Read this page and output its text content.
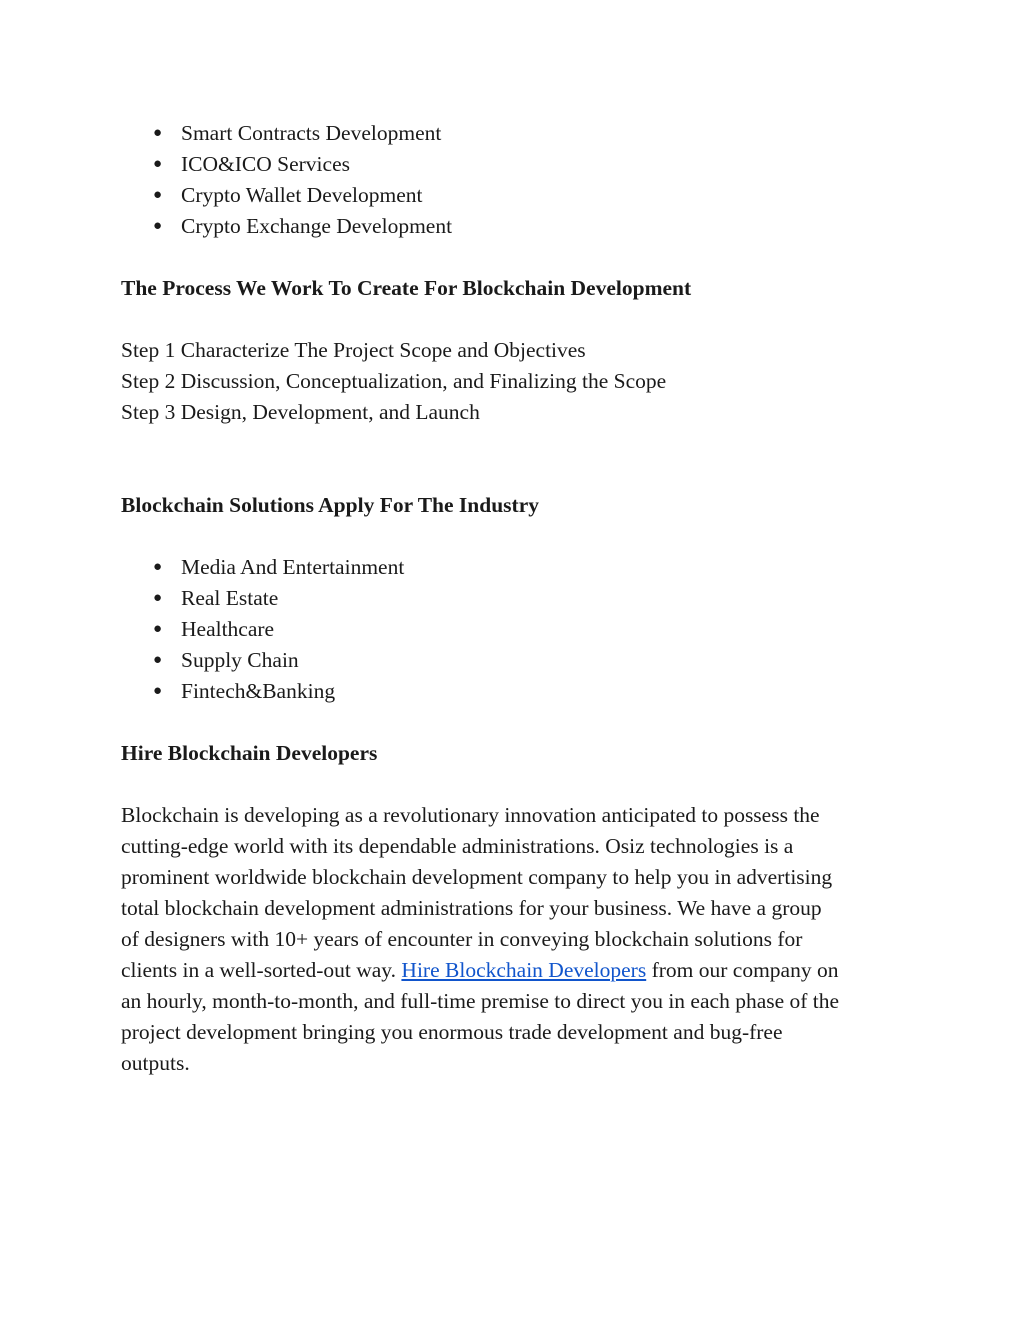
● Smart Contracts Development
● ICO&ICO Services
● Crypto Wallet Development
● Crypto Exchange Development

The Process We Work To Create For Blockchain Development

Step 1 Characterize The Project Scope and Objectives

Step 2 Discussion, Conceptualization, and Finalizing the Scope

Step 3 Design, Development, and Launch

Blockchain Solutions Apply For The Industry

● Media And Entertainment
● Real Estate
● Healthcare
● Supply Chain
● Fintech&Banking

Hire Blockchain Developers

Blockchain is developing as a revolutionary innovation anticipated to possess the
cutting-edge world with its dependable administrations. Osiz technologies is a
prominent worldwide blockchain development company to help you in advertising
total blockchain development administrations for your business. We have a group
of designers with 10+ years of encounter in conveying blockchain solutions for
clients in a well-sorted-out way. Hire Blockchain Developers from our company on
an hourly, month-to-month, and full-time premise to direct you in each phase of the
project development bringing you enormous trade development and bug-free
outputs.
